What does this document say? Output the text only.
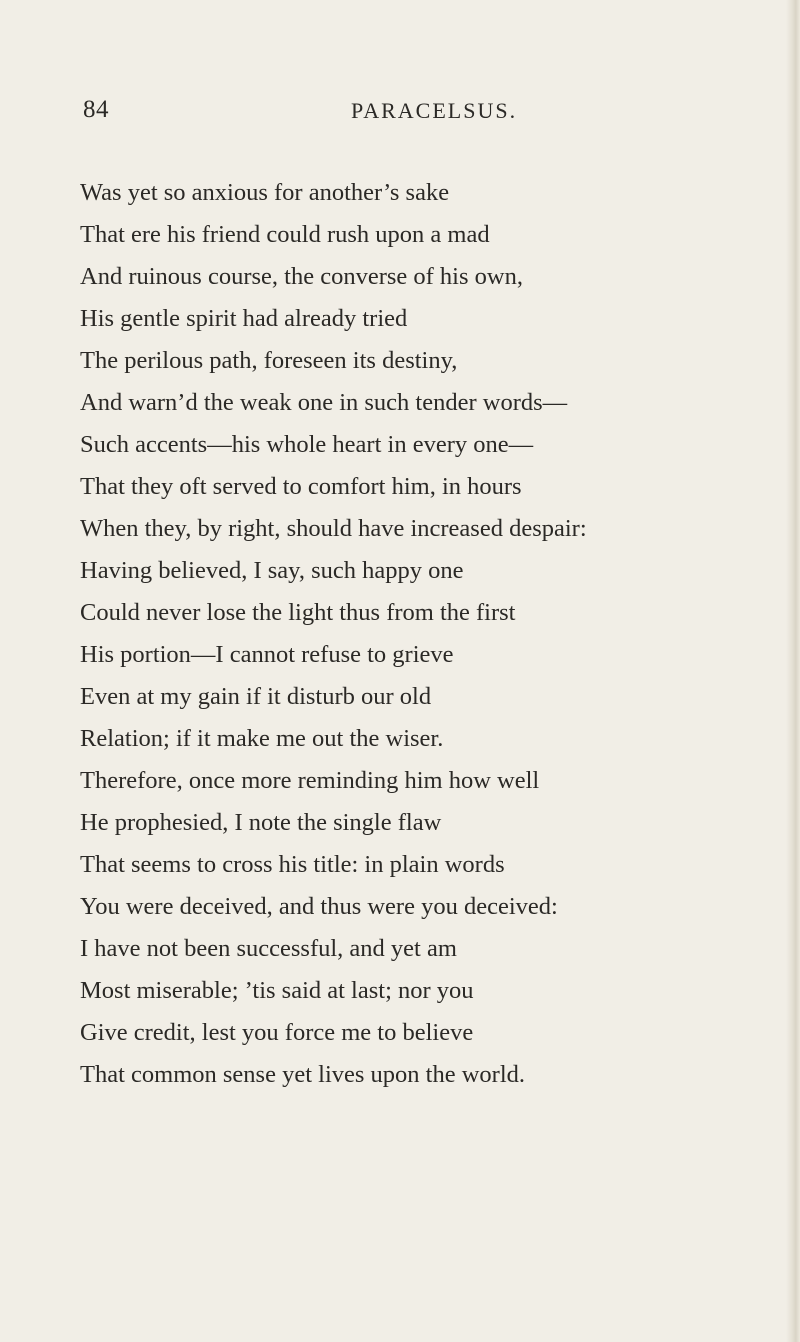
84	PARACELSUS.
Was yet so anxious for another’s sake
That ere his friend could rush upon a mad
And ruinous course, the converse of his own,
His gentle spirit had already tried
The perilous path, foreseen its destiny,
And warn’d the weak one in such tender words—
Such accents—his whole heart in every one—
That they oft served to comfort him, in hours
When they, by right, should have increased despair:
Having believed, I say, such happy one
Could never lose the light thus from the first
His portion—I cannot refuse to grieve
Even at my gain if it disturb our old
Relation; if it make me out the wiser.
Therefore, once more reminding him how well
He prophesied, I note the single flaw
That seems to cross his title: in plain words
You were deceived, and thus were you deceived:
I have not been successful, and yet am
Most miserable; ’tis said at last; nor you
Give credit, lest you force me to believe
That common sense yet lives upon the world.
